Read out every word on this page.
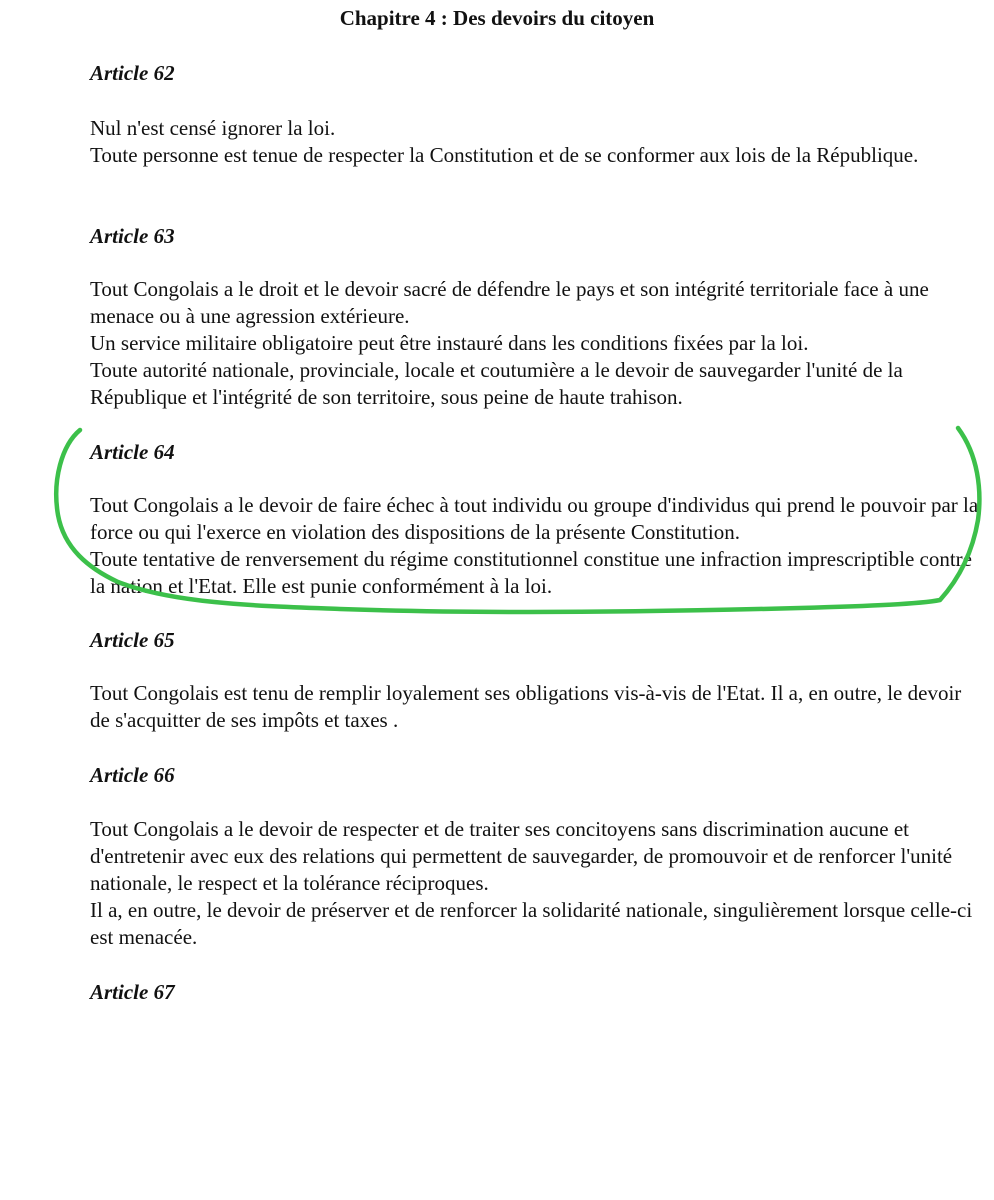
Chapitre 4 : Des devoirs du citoyen
Article 62

Nul n'est censé ignorer la loi.

Toute personne est tenue de respecter la Constitution et de se conformer aux lois de la République.

Article 63

Tout Congolais a le droit et le devoir sacré de défendre le pays et son intégrité territoriale face à une menace ou à une agression extérieure.

Un service militaire obligatoire peut être instauré dans les conditions fixées par la loi.

Toute autorité nationale, provinciale, locale et coutumière a le devoir de sauvegarder l'unité de la République et l'intégrité de son territoire, sous peine de haute trahison.

Article 64

Tout Congolais a le devoir de faire échec à tout individu ou groupe d'individus qui prend le pouvoir par la force ou qui l'exerce en violation des dispositions de la présente Constitution.

Toute tentative de renversement du régime constitutionnel constitue une infraction imprescriptible contre la nation et l'Etat. Elle est punie conformément à la loi.

Article 65

Tout Congolais est tenu de remplir loyalement ses obligations vis-à-vis de l'Etat. Il a, en outre, le devoir de s'acquitter de ses impôts et taxes .

Article 66

Tout Congolais a le devoir de respecter et de traiter ses concitoyens sans discrimination aucune et d'entretenir avec eux des relations qui permettent de sauvegarder, de promouvoir et de renforcer l'unité nationale, le respect et la tolérance réciproques.

Il a, en outre, le devoir de préserver et de renforcer la solidarité nationale, singulièrement lorsque celle-ci est menacée.

Article 67
